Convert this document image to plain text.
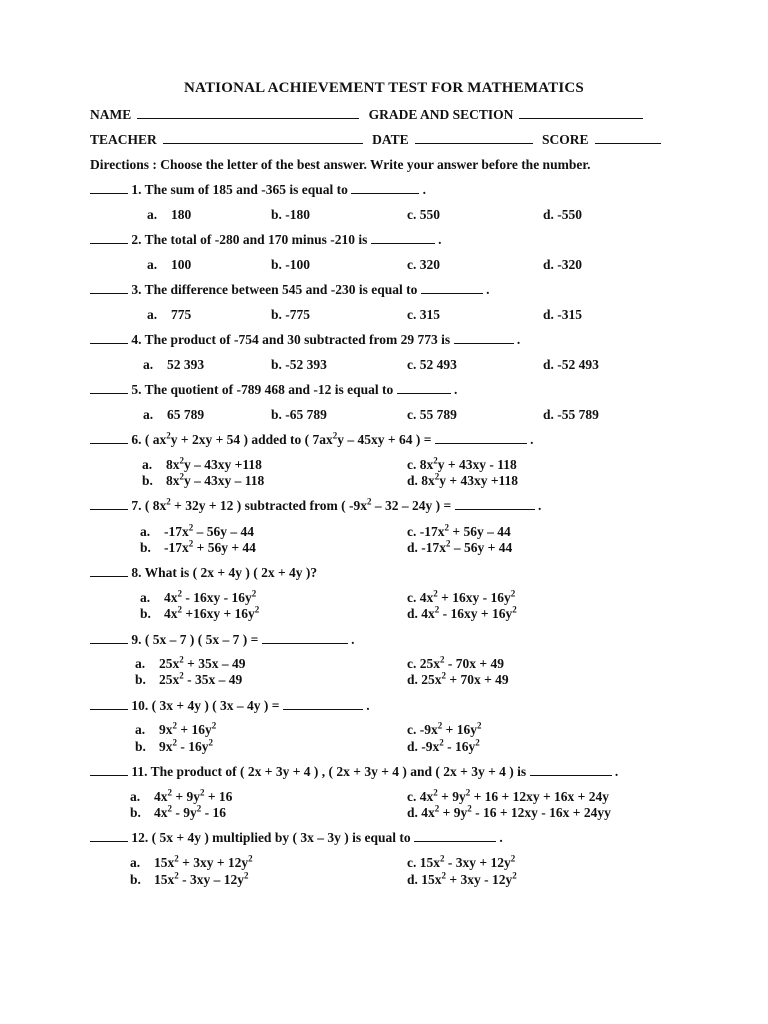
NATIONAL ACHIEVEMENT TEST FOR MATHEMATICS
NAME	GRADE AND SECTION
TEACHER	DATE	SCORE
Directions : Choose the letter of the best answer. Write your answer before the number.
1. The sum of 185 and -365 is equal to	.
a. 180	b. -180	c. 550	d. -550
2. The total of -280 and 170 minus -210 is	.
a. 100	b. -100	c. 320	d. -320
3. The difference between 545 and -230 is equal to	.
a. 775	b. -775	c. 315	d. -315
4. The product of -754 and 30 subtracted from 29 773 is	.
a. 52 393	b. -52 393	c. 52 493	d. -52 493
5. The quotient of -789 468 and -12 is equal to	.
a. 65 789	b. -65 789	c. 55 789	d. -55 789
6. ( $ax^2y + 2xy + 54$ ) added to ( $7ax^2y - 45xy + 64$ ) =	.
a. $8x^2y - 43xy +118$	c. $8x^2y + 43xy - 118$
b. $8x^2y - 43xy - 118$	d. $8x^2y + 43xy +118$
7. ( $8x^2 + 32y + 12$ ) subtracted from ( $-9x^2 - 32 - 24y$ ) =	.
a. $-17x^2 - 56y - 44$	c. $-17x^2 + 56y - 44$
b. $-17x^2 + 56y + 44$	d. $-17x^2 - 56y + 44$
8. What is ( 2x + 4y ) ( 2x + 4y )?
a. $4x^2 - 16xy - 16y^2$	c. $4x^2 + 16xy - 16y^2$
b. $4x^2 +16xy + 16y^2$	d. $4x^2 - 16xy + 16y^2$
9. ( 5x – 7 ) ( 5x – 7 ) =	.
a. $25x^2 + 35x - 49$	c. $25x^2 - 70x + 49$
b. $25x^2 - 35x - 49$	d. $25x^2 + 70x + 49$
10. ( 3x + 4y ) ( 3x – 4y ) =	.
a. $9x^2 + 16y^2$	c. $-9x^2 + 16y^2$
b. $9x^2 - 16y^2$	d. $-9x^2 - 16y^2$
11. The product of ( 2x + 3y + 4 ) , ( 2x + 3y + 4 ) and ( 2x + 3y + 4 ) is	.
a. $4x^2 + 9y^2 + 16$	c. $4x^2 + 9y^2 + 16 + 12xy + 16x + 24y$
b. $4x^2 - 9y^2 - 16$	d. $4x^2 + 9y^2 - 16 + 12xy - 16x + 24yy$
12. ( 5x + 4y ) multiplied by ( 3x – 3y ) is equal to	.
a. $15x^2 + 3xy + 12y^2$	c. $15x^2 - 3xy + 12y^2$
b. $15x^2 - 3xy - 12y^2$	d. $15x^2 + 3xy - 12y^2$
